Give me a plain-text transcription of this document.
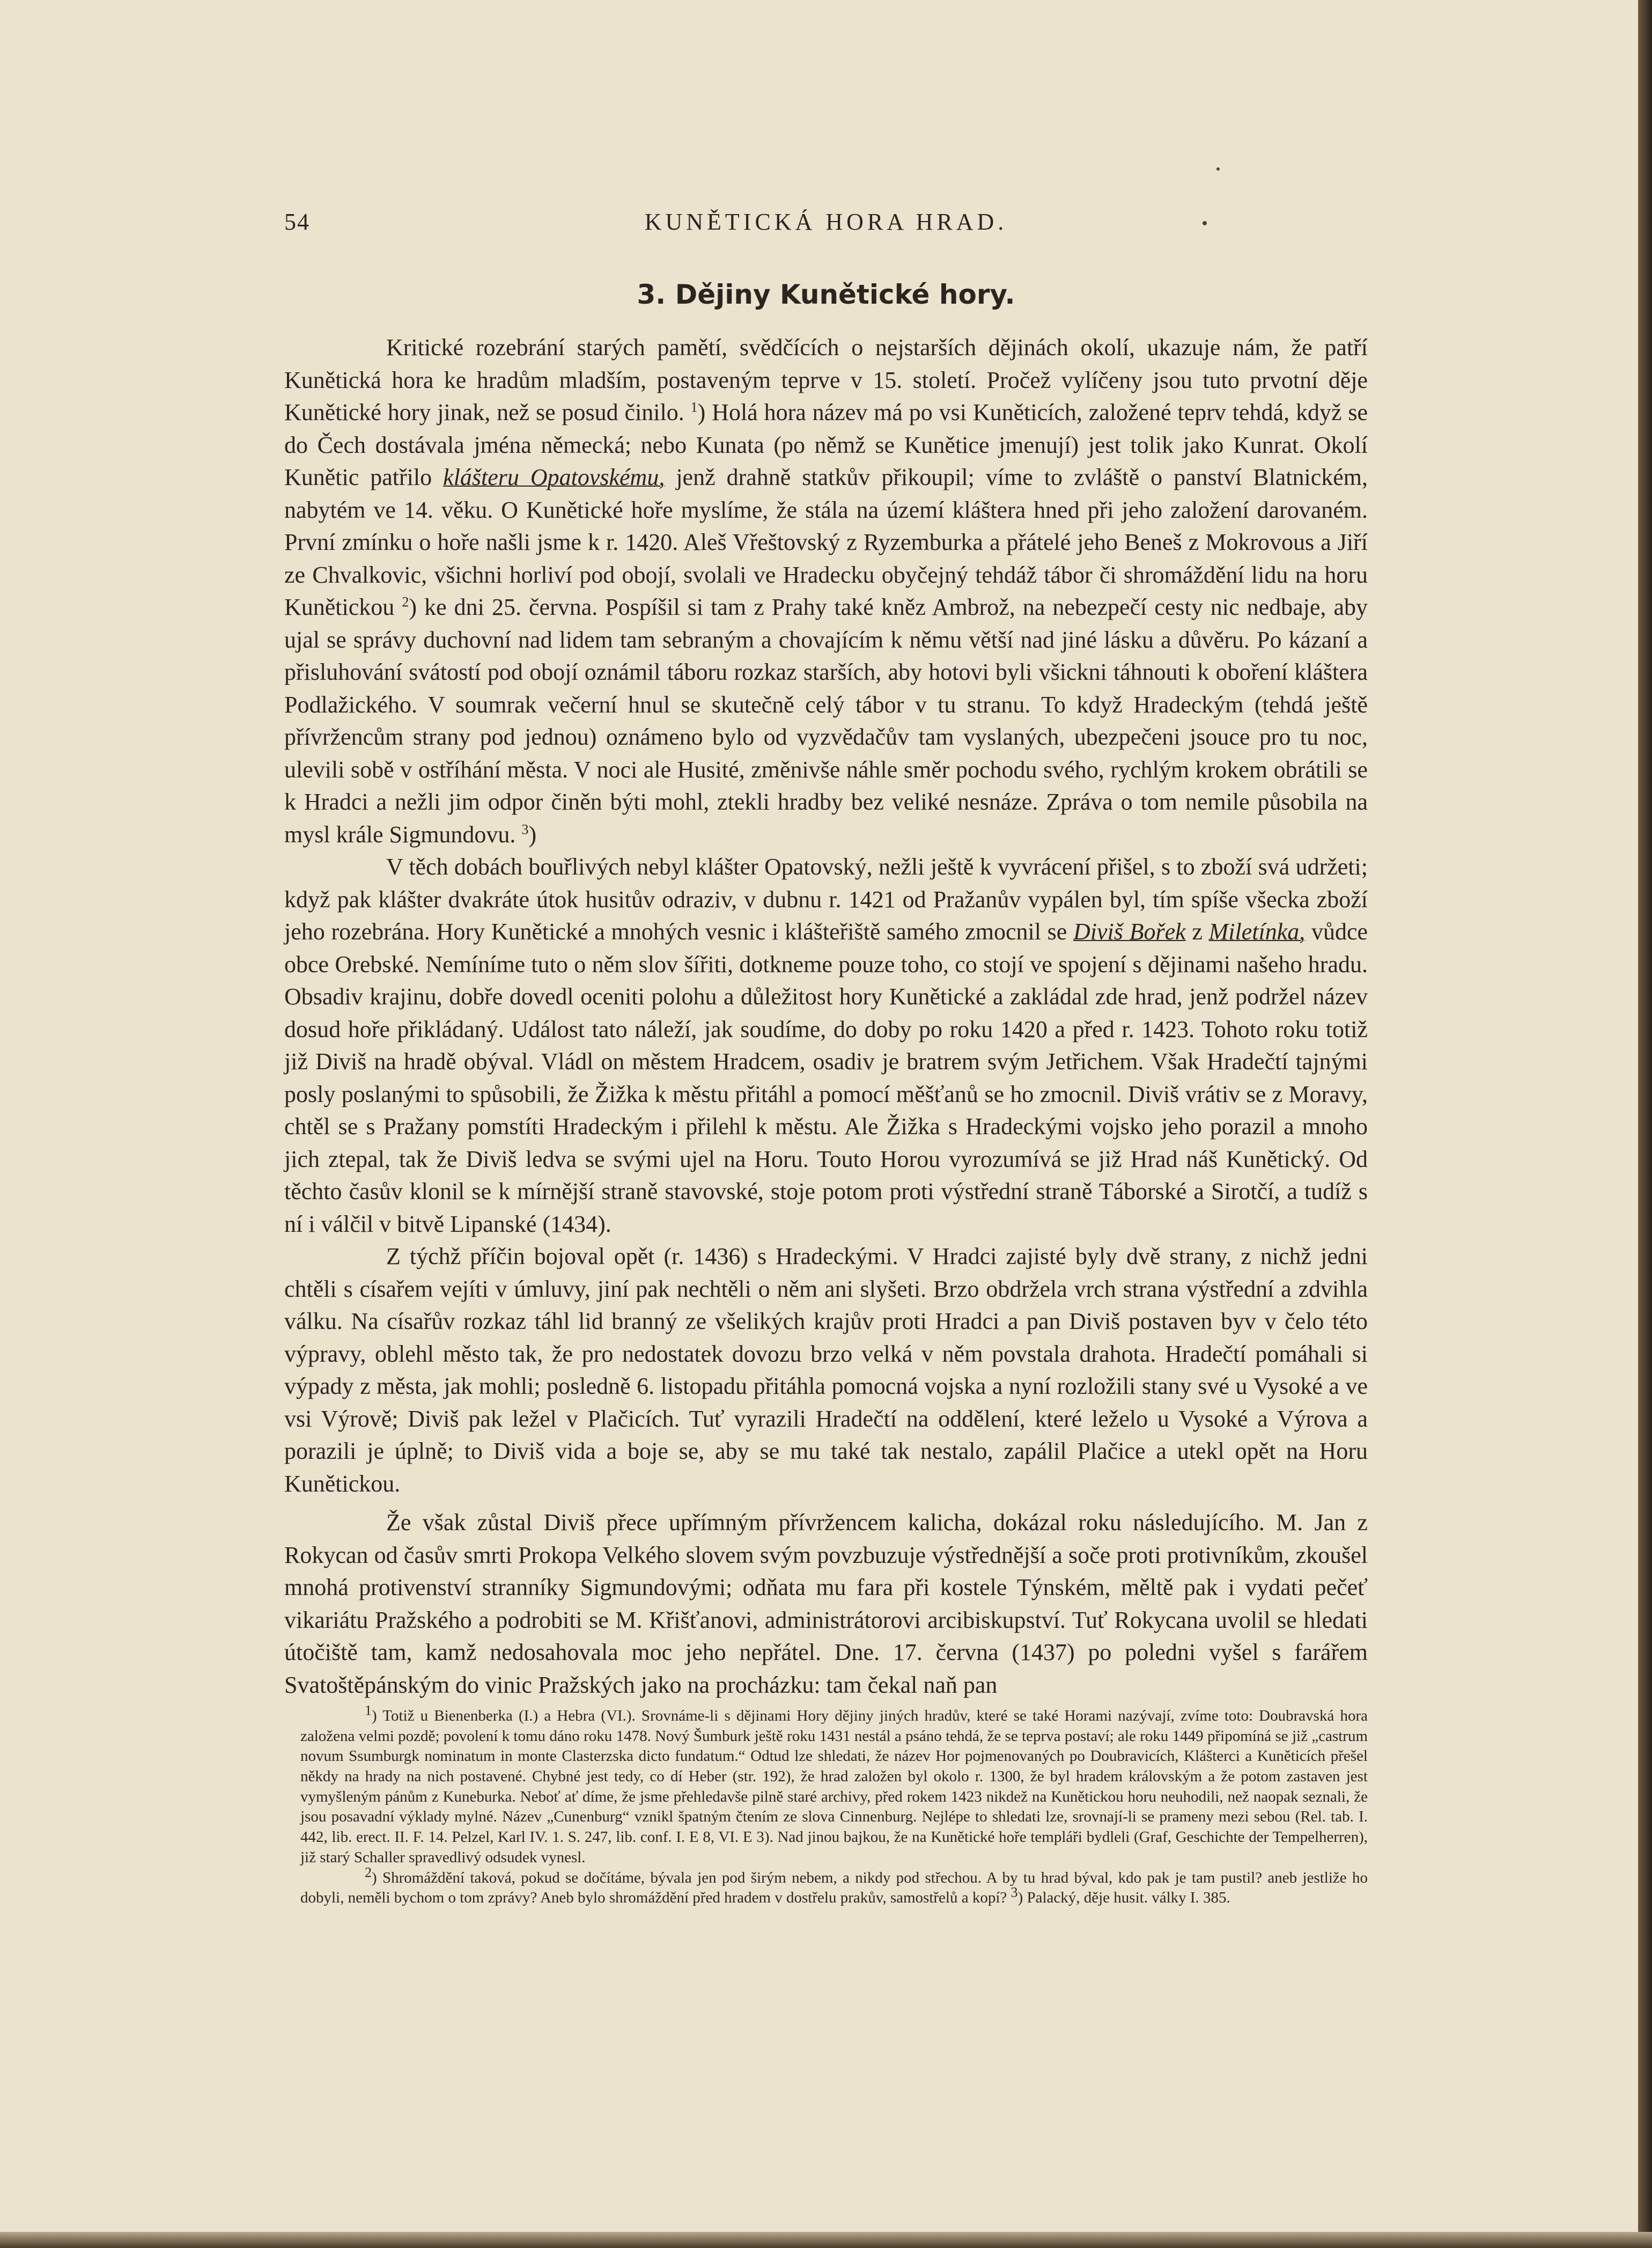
54	KUNĚTICKÁ HORA HRAD.
3. Dějiny Kunětické hory.

Kritické rozebrání starých pamětí, svědčících o nejstarších dějinách okolí, ukazuje nám, že patří Kunětická hora ke hradům mladším, postaveným teprve v 15. století. Pročež vylíčeny jsou tuto prvotní děje Kunětické hory jinak, než se posud činilo. $^1$) Holá hora název má po vsi Kuněticích, založené teprv tehdá, když se do Čech dostávala jména německá; nebo Kunata (po němž se Kunětice jmenují) jest tolik jako Kunrat. Okolí Kunětic patřilo klášteru Opatovskému, jenž drahně statkův přikoupil; víme to zvláště o panství Blatnickém, nabytém ve 14. věku. O Kunětické hoře myslíme, že stála na území kláštera hned při jeho založení darovaném. První zmínku o hoře našli jsme k r. 1420. Aleš Vřeštovský z Ryzemburka a přátelé jeho Beneš z Mokrovous a Jiří ze Chvalkovic, všichni horliví pod obojí, svolali ve Hradecku obyčejný tehdáž tábor či shromáždění lidu na horu Kunětickou $^2$) ke dni 25. června. Pospíšil si tam z Prahy také kněz Ambrož, na nebezpečí cesty nic nedbaje, aby ujal se správy duchovní nad lidem tam sebraným a chovajícím k němu větší nad jiné lásku a důvěru. Po kázaní a přisluhování svátostí pod obojí oznámil táboru rozkaz starších, aby hotovi byli všickni táhnouti k oboření kláštera Podlažického. V soumrak večerní hnul se skutečně celý tábor v tu stranu. To když Hradeckým (tehdá ještě přívržencům strany pod jednou) oznámeno bylo od vyzvědačův tam vyslaných, ubezpečeni jsouce pro tu noc, ulevili sobě v ostříhání města. V noci ale Husité, změnivše náhle směr pochodu svého, rychlým krokem obrátili se k Hradci a nežli jim odpor činěn býti mohl, ztekli hradby bez veliké nesnáze. Zpráva o tom nemile působila na mysl krále Sigmundovu. $^3$)

V těch dobách bouřlivých nebyl klášter Opatovský, nežli ještě k vyvrácení přišel, s to zboží svá udržeti; když pak klášter dvakráte útok husitův odraziv, v dubnu r. 1421 od Pražanův vypálen byl, tím spíše všecka zboží jeho rozebrána. Hory Kunětické a mnohých vesnic i klášteřiště samého zmocnil se Diviš Bořek z Miletínka, vůdce obce Orebské. Nemíníme tuto o něm slov šířiti, dotkneme pouze toho, co stojí ve spojení s dějinami našeho hradu. Obsadiv krajinu, dobře dovedl oceniti polohu a důležitost hory Kunětické a zakládal zde hrad, jenž podržel název dosud hoře přikládaný. Událost tato náleží, jak soudíme, do doby po roku 1420 a před r. 1423. Tohoto roku totiž již Diviš na hradě obýval. Vládl on městem Hradcem, osadiv je bratrem svým Jetřichem. Však Hradečtí tajnými posly poslanými to spůsobili, že Žižka k městu přitáhl a pomocí měšťanů se ho zmocnil. Diviš vrátiv se z Moravy, chtěl se s Pražany pomstíti Hradeckým i přilehl k městu. Ale Žižka s Hradeckými vojsko jeho porazil a mnoho jich ztepal, tak že Diviš ledva se svými ujel na Horu. Touto Horou vyrozumívá se již Hrad náš Kunětický. Od těchto časův klonil se k mírnější straně stavovské, stoje potom proti výstřední straně Táborské a Sirotčí, a tudíž s ní i válčil v bitvě Lipanské (1434).

Z týchž příčin bojoval opět (r. 1436) s Hradeckými. V Hradci zajisté byly dvě strany, z nichž jedni chtěli s císařem vejíti v úmluvy, jiní pak nechtěli o něm ani slyšeti. Brzo obdržela vrch strana výstřední a zdvihla válku. Na císařův rozkaz táhl lid branný ze všelikých krajův proti Hradci a pan Diviš postaven byv v čelo této výpravy, oblehl město tak, že pro nedostatek dovozu brzo velká v něm povstala drahota. Hradečtí pomáhali si výpady z města, jak mohli; posledně 6. listopadu přitáhla pomocná vojska a nyní rozložili stany své u Vysoké a ve vsi Výrově; Diviš pak ležel v Plačicích. Tuť vyrazili Hradečtí na oddělení, které leželo u Vysoké a Výrova a porazili je úplně; to Diviš vida a boje se, aby se mu také tak nestalo, zapálil Plačice a utekl opět na Horu Kunětickou.

Že však zůstal Diviš přece upřímným přívržencem kalicha, dokázal roku následujícího. M. Jan z Rokycan od časův smrti Prokopa Velkého slovem svým povzbuzuje výstřednější a soče proti protivníkům, zkoušel mnohá protivenství stranníky Sigmundovými; odňata mu fara při kostele Týnském, měltě pak i vydati pečeť vikariátu Pražského a podrobiti se M. Křišťanovi, administrátorovi arcibiskupství. Tuť Rokycana uvolil se hledati útočiště tam, kamž nedosahovala moc jeho nepřátel. Dne. 17. června (1437) po poledni vyšel s farářem Svatoštěpánským do vinic Pražských jako na procházku: tam čekal naň pan

1) Totiž u Bienenberka (I.) a Hebra (VI.). Srovnáme-li s dějinami Hory dějiny jiných hradův, které se také Horami nazývají, zvíme toto: Doubravská hora založena velmi pozdě; povolení k tomu dáno roku 1478. Nový Šumburk ještě roku 1431 nestál a psáno tehdá, že se teprva postaví; ale roku 1449 připomíná se již „castrum novum Ssumburgk nominatum in monte Clasterzska dicto fundatum.“ Odtud lze shledati, že název Hor pojmenovaných po Doubravicích, Klášterci a Kuněticích přešel někdy na hrady na nich postavené. Chybné jest tedy, co dí Heber (str. 192), že hrad založen byl okolo r. 1300, že byl hradem královským a že potom zastaven jest vymyšleným pánům z Kuneburka. Neboť ať díme, že jsme přehledavše pilně staré archivy, před rokem 1423 nikdež na Kunětickou horu neuhodili, než naopak seznali, že jsou posavadní výklady mylné. Název „Cunenburg“ vznikl špatným čtením ze slova Cinnenburg. Nejlépe to shledati lze, srovnají-li se prameny mezi sebou (Rel. tab. I. 442, lib. erect. II. F. 14. Pelzel, Karl IV. 1. S. 247, lib. conf. I. E 8, VI. E 3). Nad jinou bajkou, že na Kunětické hoře templáři bydleli (Graf, Geschichte der Tempelherren), již starý Schaller spravedlivý odsudek vynesl.

2) Shromáždění taková, pokud se dočítáme, bývala jen pod širým nebem, a nikdy pod střechou. A by tu hrad býval, kdo pak je tam pustil? aneb jestliže ho dobyli, neměli bychom o tom zprávy? Aneb bylo shromáždění před hradem v dostřelu prakův, samostřelů a kopí? 3) Palacký, děje husit. války I. 385.
